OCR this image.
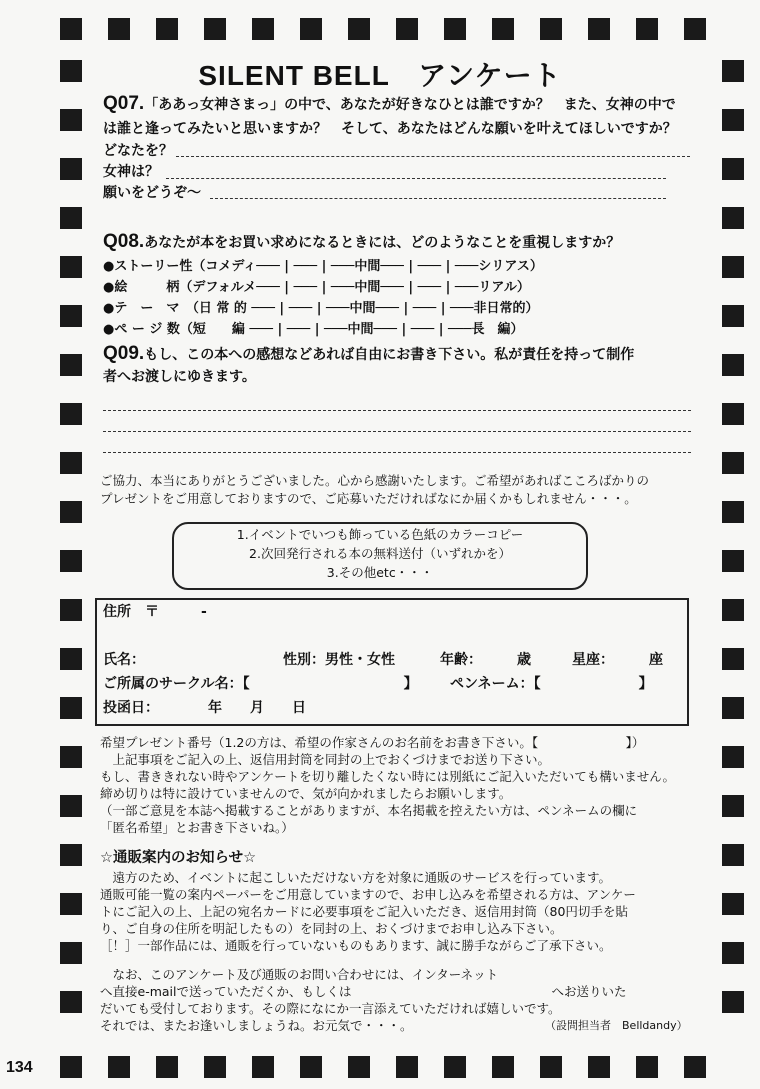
SILENT BELL　アンケート
Q07.「ああっ女神さまっ」の中で、あなたが好きなひとは誰ですか？　また、女神の中で
は誰と逢ってみたいと思いますか？　そして、あなたはどんな願いを叶えてほしいですか？
どなたを？
女神は？
願いをどうぞ〜
Q08.あなたが本をお買い求めになるときには、どのようなことを重視しますか？
●ストーリー性（コメディ─── | ─── | ───中間─── | ─── | ───シリアス）
●絵　　　柄（デフォルメ─── | ─── | ───中間─── | ─── | ───リアル）
●テ　ー　マ　（日 常 的 ─── | ─── | ───中間─── | ─── | ───非日常的）
●ペ ー ジ 数（短　　編 ─── | ─── | ───中間─── | ─── | ───長　編）
Q09.もし、この本への感想などあれば自由にお書き下さい。私が責任を持って制作
者へお渡しにゆきます。
ご協力、本当にありがとうございました。心から感謝いたします。ご希望があればこころばかりの
プレゼントをご用意しておりますので、ご応募いただければなにか届くかもしれません・・・。
1.イベントでいつも飾っている色紙のカラーコピー
2.次回発行される本の無料送付（いずれかを）
3.その他etc・・・
住所　〒　　　-
氏名：	性別：男性・女性	年齢：　　　歳	星座：　　　座
ご所属のサークル名：【　　　　　　　　　　　】 ペンネーム：【　　　　　　　】
投函日：　　　　年　　月　　日
希望プレゼント番号（1.2の方は、希望の作家さんのお名前をお書き下さい。【　　　　　　　】）
　上記事項をご記入の上、返信用封筒を同封の上でおくづけまでお送り下さい。
もし、書ききれない時やアンケートを切り離したくない時には別紙にご記入いただいても構いません。
締め切りは特に設けていませんので、気が向かれましたらお願いします。
（一部ご意見を本誌へ掲載することがありますが、本名掲載を控えたい方は、ペンネームの欄に
「匿名希望」とお書き下さいね。）
☆通販案内のお知らせ☆
　遠方のため、イベントに起こしいただけない方を対象に通販のサービスを行っています。
通販可能一覧の案内ペーパーをご用意していますので、お申し込みを希望される方は、アンケー
トにご記入の上、上記の宛名カードに必要事項をご記入いただき、返信用封筒（80円切手を貼
り、ご自身の住所を明記したもの）を同封の上、おくづけまでお申し込み下さい。
［！］一部作品には、通販を行っていないものもあります、誠に勝手ながらご了承下さい。
　なお、このアンケート及び通販のお問い合わせには、インターネット
へ直接e-mailで送っていただくか、もしくは　　　　　　　　　　　　　　　　へお送りいた
だいても受付しております。その際になにか一言添えていただければ嬉しいです。
それでは、またお逢いしましょうね。お元気で・・・。	（設問担当者　Belldandy）
134
